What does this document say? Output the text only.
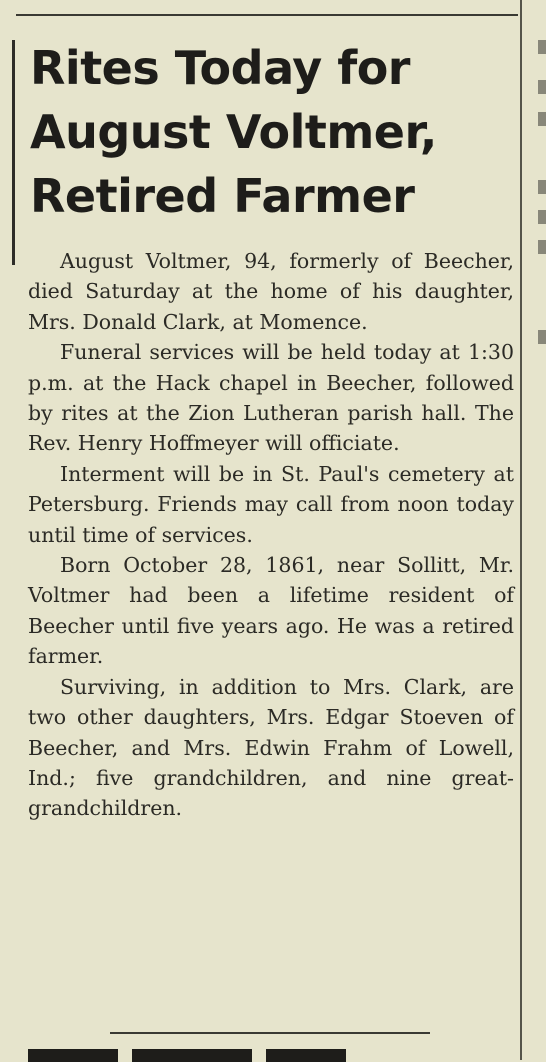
Rites Today for August Voltmer, Retired Farmer

August Voltmer, 94, formerly of Beecher, died Saturday at the home of his daughter, Mrs. Donald Clark, at Momence.

Funeral services will be held today at 1:30 p.m. at the Hack chapel in Beecher, followed by rites at the Zion Lutheran parish hall. The Rev. Henry Hoffmeyer will officiate.

Interment will be in St. Paul's cemetery at Petersburg. Friends may call from noon today until time of services.

Born October 28, 1861, near Sollitt, Mr. Voltmer had been a lifetime resident of Beecher until five years ago. He was a retired farmer.

Surviving, in addition to Mrs. Clark, are two other daughters, Mrs. Edgar Stoeven of Beecher, and Mrs. Edwin Frahm of Lowell, Ind.; five grandchildren, and nine great-grandchildren.
